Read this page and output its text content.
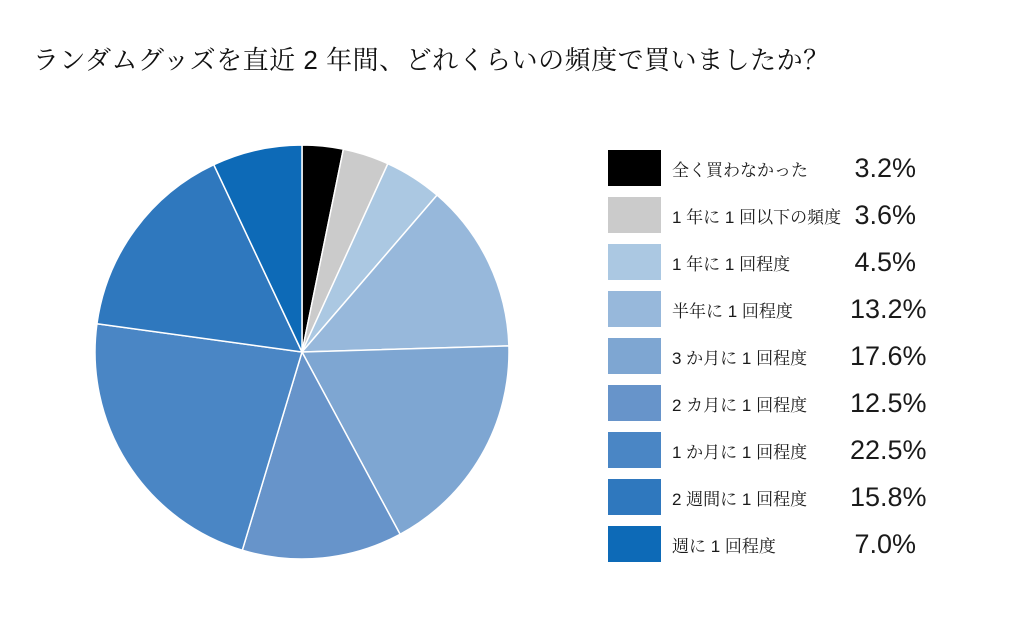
ランダムグッズを直近 2 年間、どれくらいの頻度で買いましたか？
全く買わなかった	3.2%
1 年に 1 回以下の頻度 3.6%
1 年に 1 回程度	4.5%
半年に 1 回程度	13.2%
3 か月に 1 回程度	17.6%
2 カ月に 1 回程度	12.5%
1 か月に 1 回程度	22.5%
2 週間に 1 回程度	15.8%
週に 1 回程度	7.0%
